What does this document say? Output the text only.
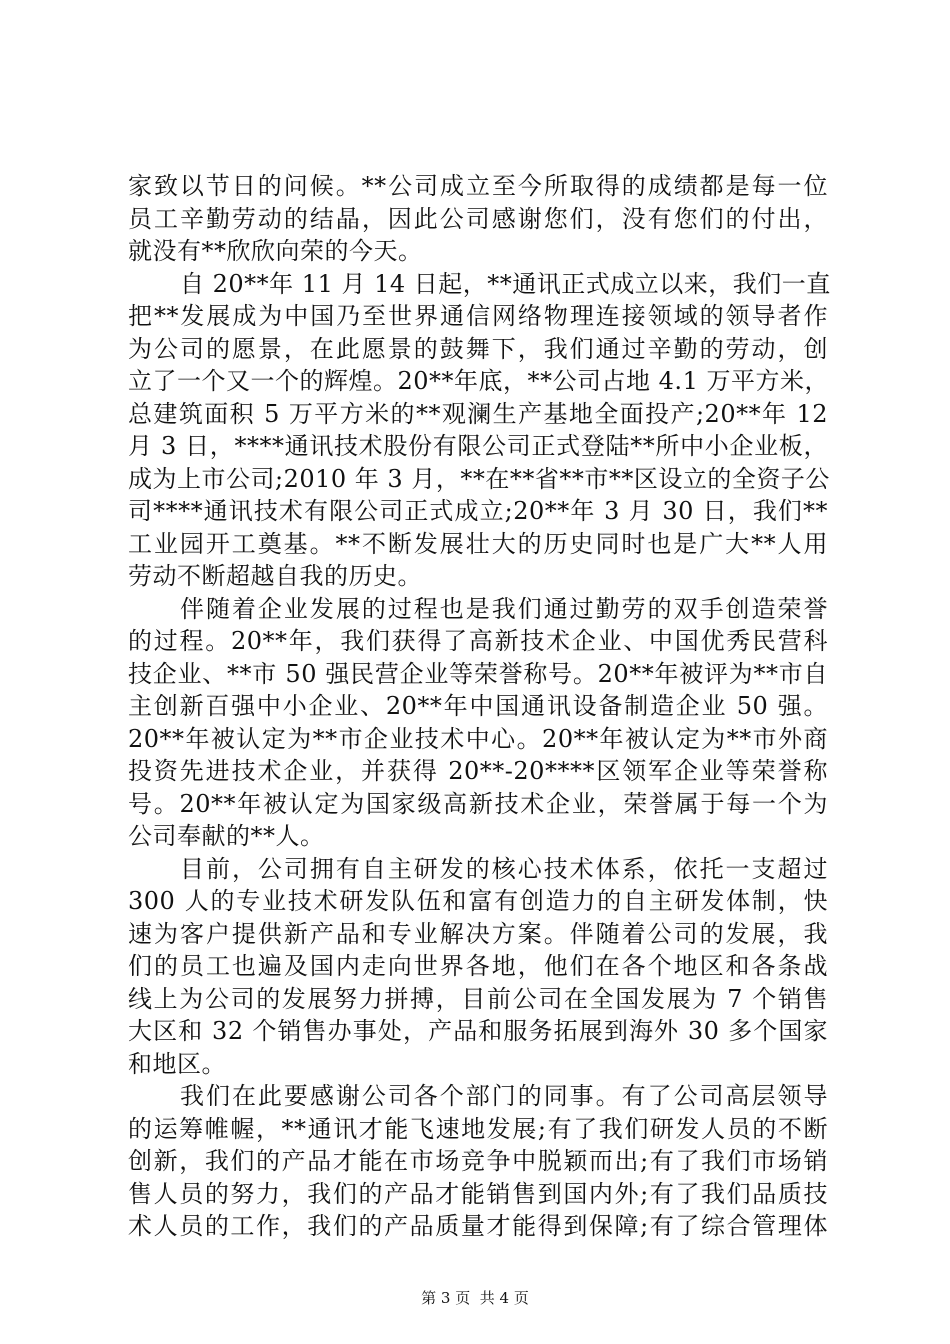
家致以节日的问候。**公司成立至今所取得的成绩都是每一位
员工辛勤劳动的结晶，因此公司感谢您们，没有您们的付出，
就没有**欣欣向荣的今天。
自 20**年 11 月 14 日起，**通讯正式成立以来，我们一直
把**发展成为中国乃至世界通信网络物理连接领域的领导者作
为公司的愿景，在此愿景的鼓舞下，我们通过辛勤的劳动，创
立了一个又一个的辉煌。20**年底，**公司占地 4.1 万平方米，
总建筑面积 5 万平方米的**观澜生产基地全面投产;20**年 12
月 3 日，****通讯技术股份有限公司正式登陆**所中小企业板，
成为上市公司;2010 年 3 月，**在**省**市**区设立的全资子公
司****通讯技术有限公司正式成立;20**年 3 月 30 日，我们**
工业园开工奠基。**不断发展壮大的历史同时也是广大**人用
劳动不断超越自我的历史。
伴随着企业发展的过程也是我们通过勤劳的双手创造荣誉
的过程。20**年，我们获得了高新技术企业、中国优秀民营科
技企业、**市 50 强民营企业等荣誉称号。20**年被评为**市自
主创新百强中小企业、20**年中国通讯设备制造企业 50 强。
20**年被认定为**市企业技术中心。20**年被认定为**市外商
投资先进技术企业，并获得 20**-20****区领军企业等荣誉称
号。20**年被认定为国家级高新技术企业，荣誉属于每一个为
公司奉献的**人。
目前，公司拥有自主研发的核心技术体系，依托一支超过
300 人的专业技术研发队伍和富有创造力的自主研发体制，快
速为客户提供新产品和专业解决方案。伴随着公司的发展，我
们的员工也遍及国内走向世界各地，他们在各个地区和各条战
线上为公司的发展努力拼搏，目前公司在全国发展为 7 个销售
大区和 32 个销售办事处，产品和服务拓展到海外 30 多个国家
和地区。
我们在此要感谢公司各个部门的同事。有了公司高层领导
的运筹帷幄，**通讯才能飞速地发展;有了我们研发人员的不断
创新，我们的产品才能在市场竞争中脱颖而出;有了我们市场销
售人员的努力，我们的产品才能销售到国内外;有了我们品质技
术人员的工作，我们的产品质量才能得到保障;有了综合管理体
第 3 页  共 4 页
